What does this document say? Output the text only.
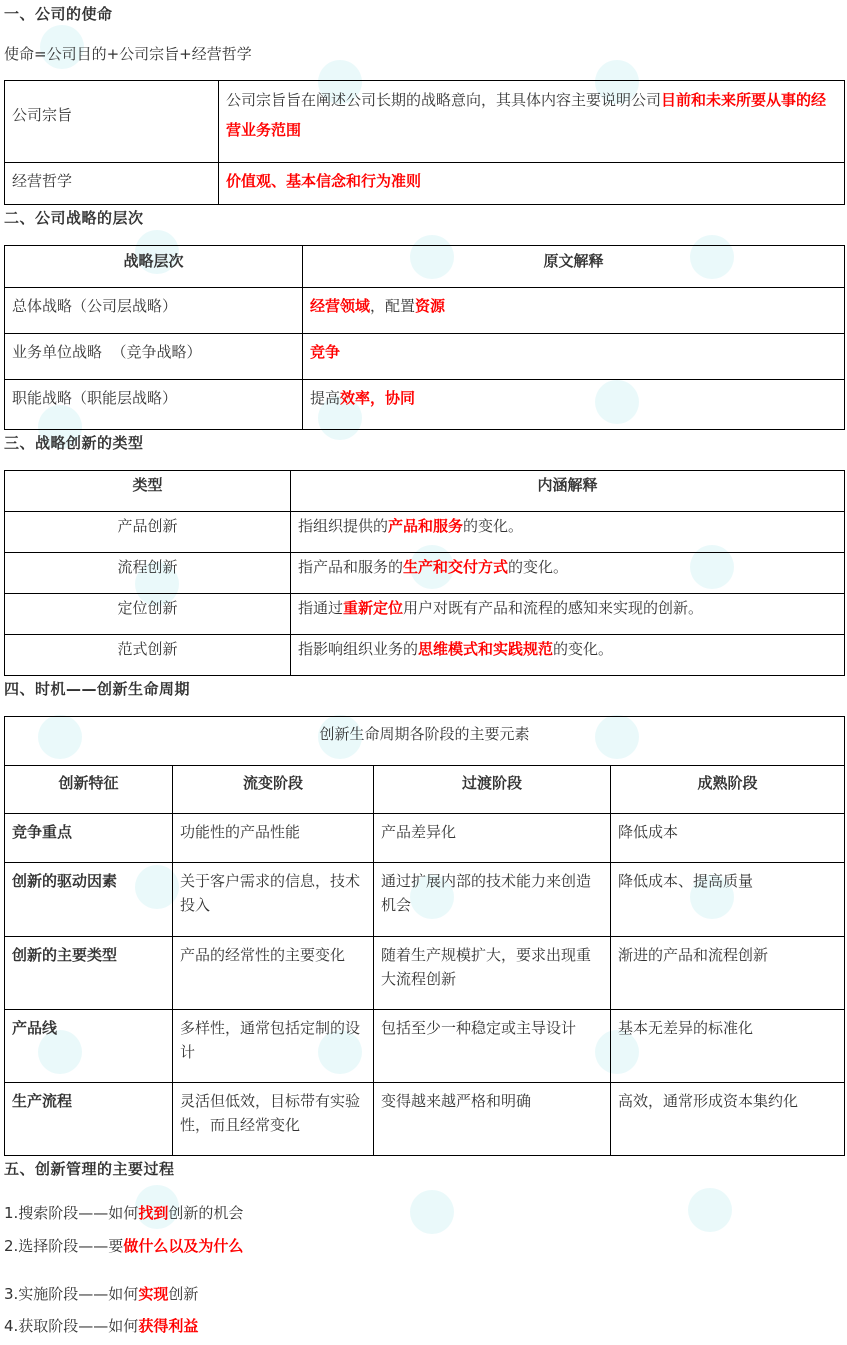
一、公司的使命
使命=公司目的+公司宗旨+经营哲学
公司宗旨	公司宗旨旨在阐述公司长期的战略意向，其具体内容主要说明公司目前和未来所要从事的经营业务范围
经营哲学	价值观、基本信念和行为准则
二、公司战略的层次
战略层次	原文解释
总体战略（公司层战略）	经营领域，配置资源
业务单位战略  （竞争战略）	竞争
职能战略（职能层战略）	提高效率，协同
三、战略创新的类型
类型	内涵解释
产品创新	指组织提供的产品和服务的变化。
流程创新	指产品和服务的生产和交付方式的变化。
定位创新	指通过重新定位用户对既有产品和流程的感知来实现的创新。
范式创新	指影响组织业务的思维模式和实践规范的变化。
四、时机——创新生命周期
创新生命周期各阶段的主要元素			
创新特征	流变阶段	过渡阶段	成熟阶段
竞争重点	功能性的产品性能	产品差异化	降低成本
创新的驱动因素	关于客户需求的信息，技术投入	通过扩展内部的技术能力来创造机会	降低成本、提高质量
创新的主要类型	产品的经常性的主要变化	随着生产规模扩大，要求出现重大流程创新	渐进的产品和流程创新
产品线	多样性，通常包括定制的设计	包括至少一种稳定或主导设计	基本无差异的标准化
生产流程	灵活但低效，目标带有实验性，而且经常变化	变得越来越严格和明确	高效，通常形成资本集约化
五、创新管理的主要过程
1.搜索阶段——如何找到创新的机会
2.选择阶段——要做什么以及为什么
3.实施阶段——如何实现创新
4.获取阶段——如何获得利益
